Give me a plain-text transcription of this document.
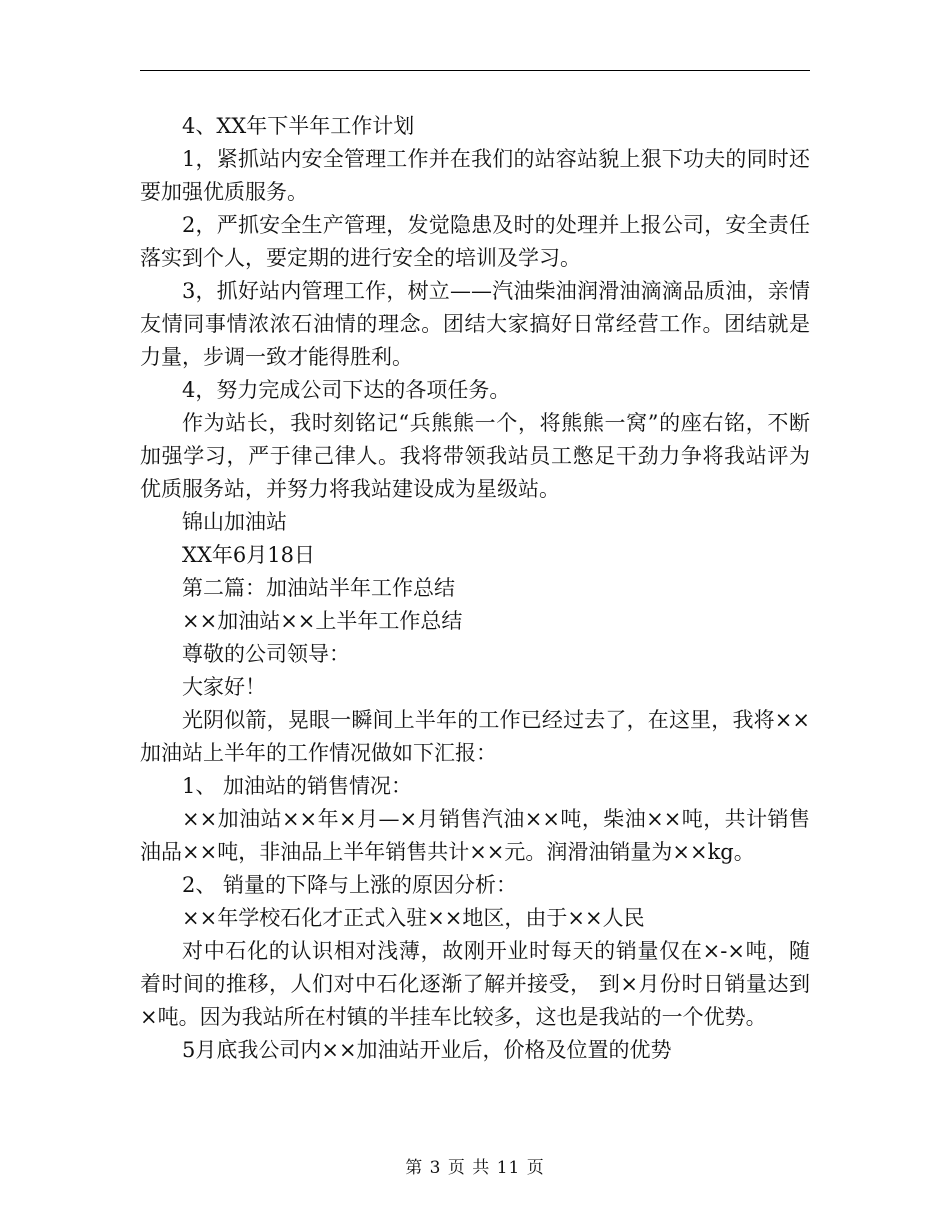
4、XX年下半年工作计划

1，紧抓站内安全管理工作并在我们的站容站貌上狠下功夫的同时还要加强优质服务。

2，严抓安全生产管理，发觉隐患及时的处理并上报公司，安全责任落实到个人，要定期的进行安全的培训及学习。

3，抓好站内管理工作，树立——汽油柴油润滑油滴滴品质油，亲情友情同事情浓浓石油情的理念。团结大家搞好日常经营工作。团结就是力量，步调一致才能得胜利。

4，努力完成公司下达的各项任务。

作为站长，我时刻铭记“兵熊熊一个，将熊熊一窝”的座右铭，不断加强学习，严于律己律人。我将带领我站员工憋足干劲力争将我站评为优质服务站，并努力将我站建设成为星级站。

锦山加油站

XX年6月18日

第二篇：加油站半年工作总结

××加油站××上半年工作总结

尊敬的公司领导：

大家好！

光阴似箭，晃眼一瞬间上半年的工作已经过去了，在这里，我将××加油站上半年的工作情况做如下汇报：

1、 加油站的销售情况：

××加油站××年×月—×月销售汽油××吨，柴油××吨，共计销售油品××吨，非油品上半年销售共计××元。润滑油销量为××kg。

2、 销量的下降与上涨的原因分析：

××年学校石化才正式入驻××地区，由于××人民

对中石化的认识相对浅薄，故刚开业时每天的销量仅在×-×吨，随着时间的推移，人们对中石化逐渐了解并接受， 到×月份时日销量达到×吨。因为我站所在村镇的半挂车比较多，这也是我站的一个优势。

5月底我公司内××加油站开业后，价格及位置的优势

第 3 页 共 11 页
